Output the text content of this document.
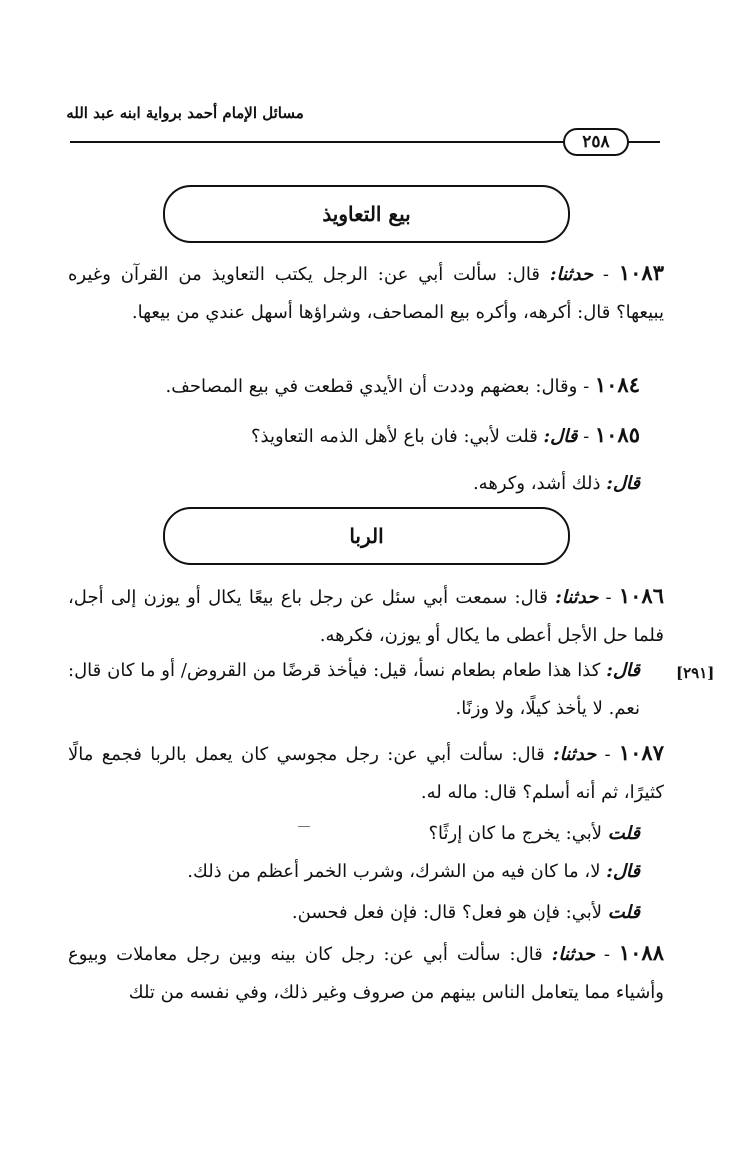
مسائل الإمام أحمد برواية ابنه عبد الله
٢٥٨
بيع التعاويذ
١٠٨٣ - حدثنا: قال: سألت أبي عن: الرجل يكتب التعاويذ من القرآن وغيره يبيعها؟ قال: أكرهه، وأكره بيع المصاحف، وشراؤها أسهل عندي من بيعها.
١٠٨٤ - وقال: بعضهم وددت أن الأيدي قطعت في بيع المصاحف.
١٠٨٥ - قال: قلت لأبي: فان باع لأهل الذمه التعاويذ؟
قال: ذلك أشد، وكرهه.
الربا
١٠٨٦ - حدثنا: قال: سمعت أبي سئل عن رجل باع بيعًا يكال أو يوزن إلى أجل، فلما حل الأجل أعطى ما يكال أو يوزن، فكرهه.
قال: كذا هذا طعام بطعام نسأ، قيل: فيأخذ قرضًا من القروض/ أو ما كان قال: نعم. لا يأخذ كيلًا، ولا وزنًا.
[٢٩١]
١٠٨٧ - حدثنا: قال: سألت أبي عن: رجل مجوسي كان يعمل بالربا فجمع مالًا كثيرًا، ثم أنه أسلم؟ قال: ماله له.
قلت لأبي: يخرج ما كان إرثًا؟
قال: لا، ما كان فيه من الشرك، وشرب الخمر أعظم من ذلك.
قلت لأبي: فإن هو فعل؟ قال: فإن فعل فحسن.
١٠٨٨ - حدثنا: قال: سألت أبي عن: رجل كان بينه وبين رجل معاملات وبيوع وأشياء مما يتعامل الناس بينهم من صروف وغير ذلك، وفي نفسه من تلك
